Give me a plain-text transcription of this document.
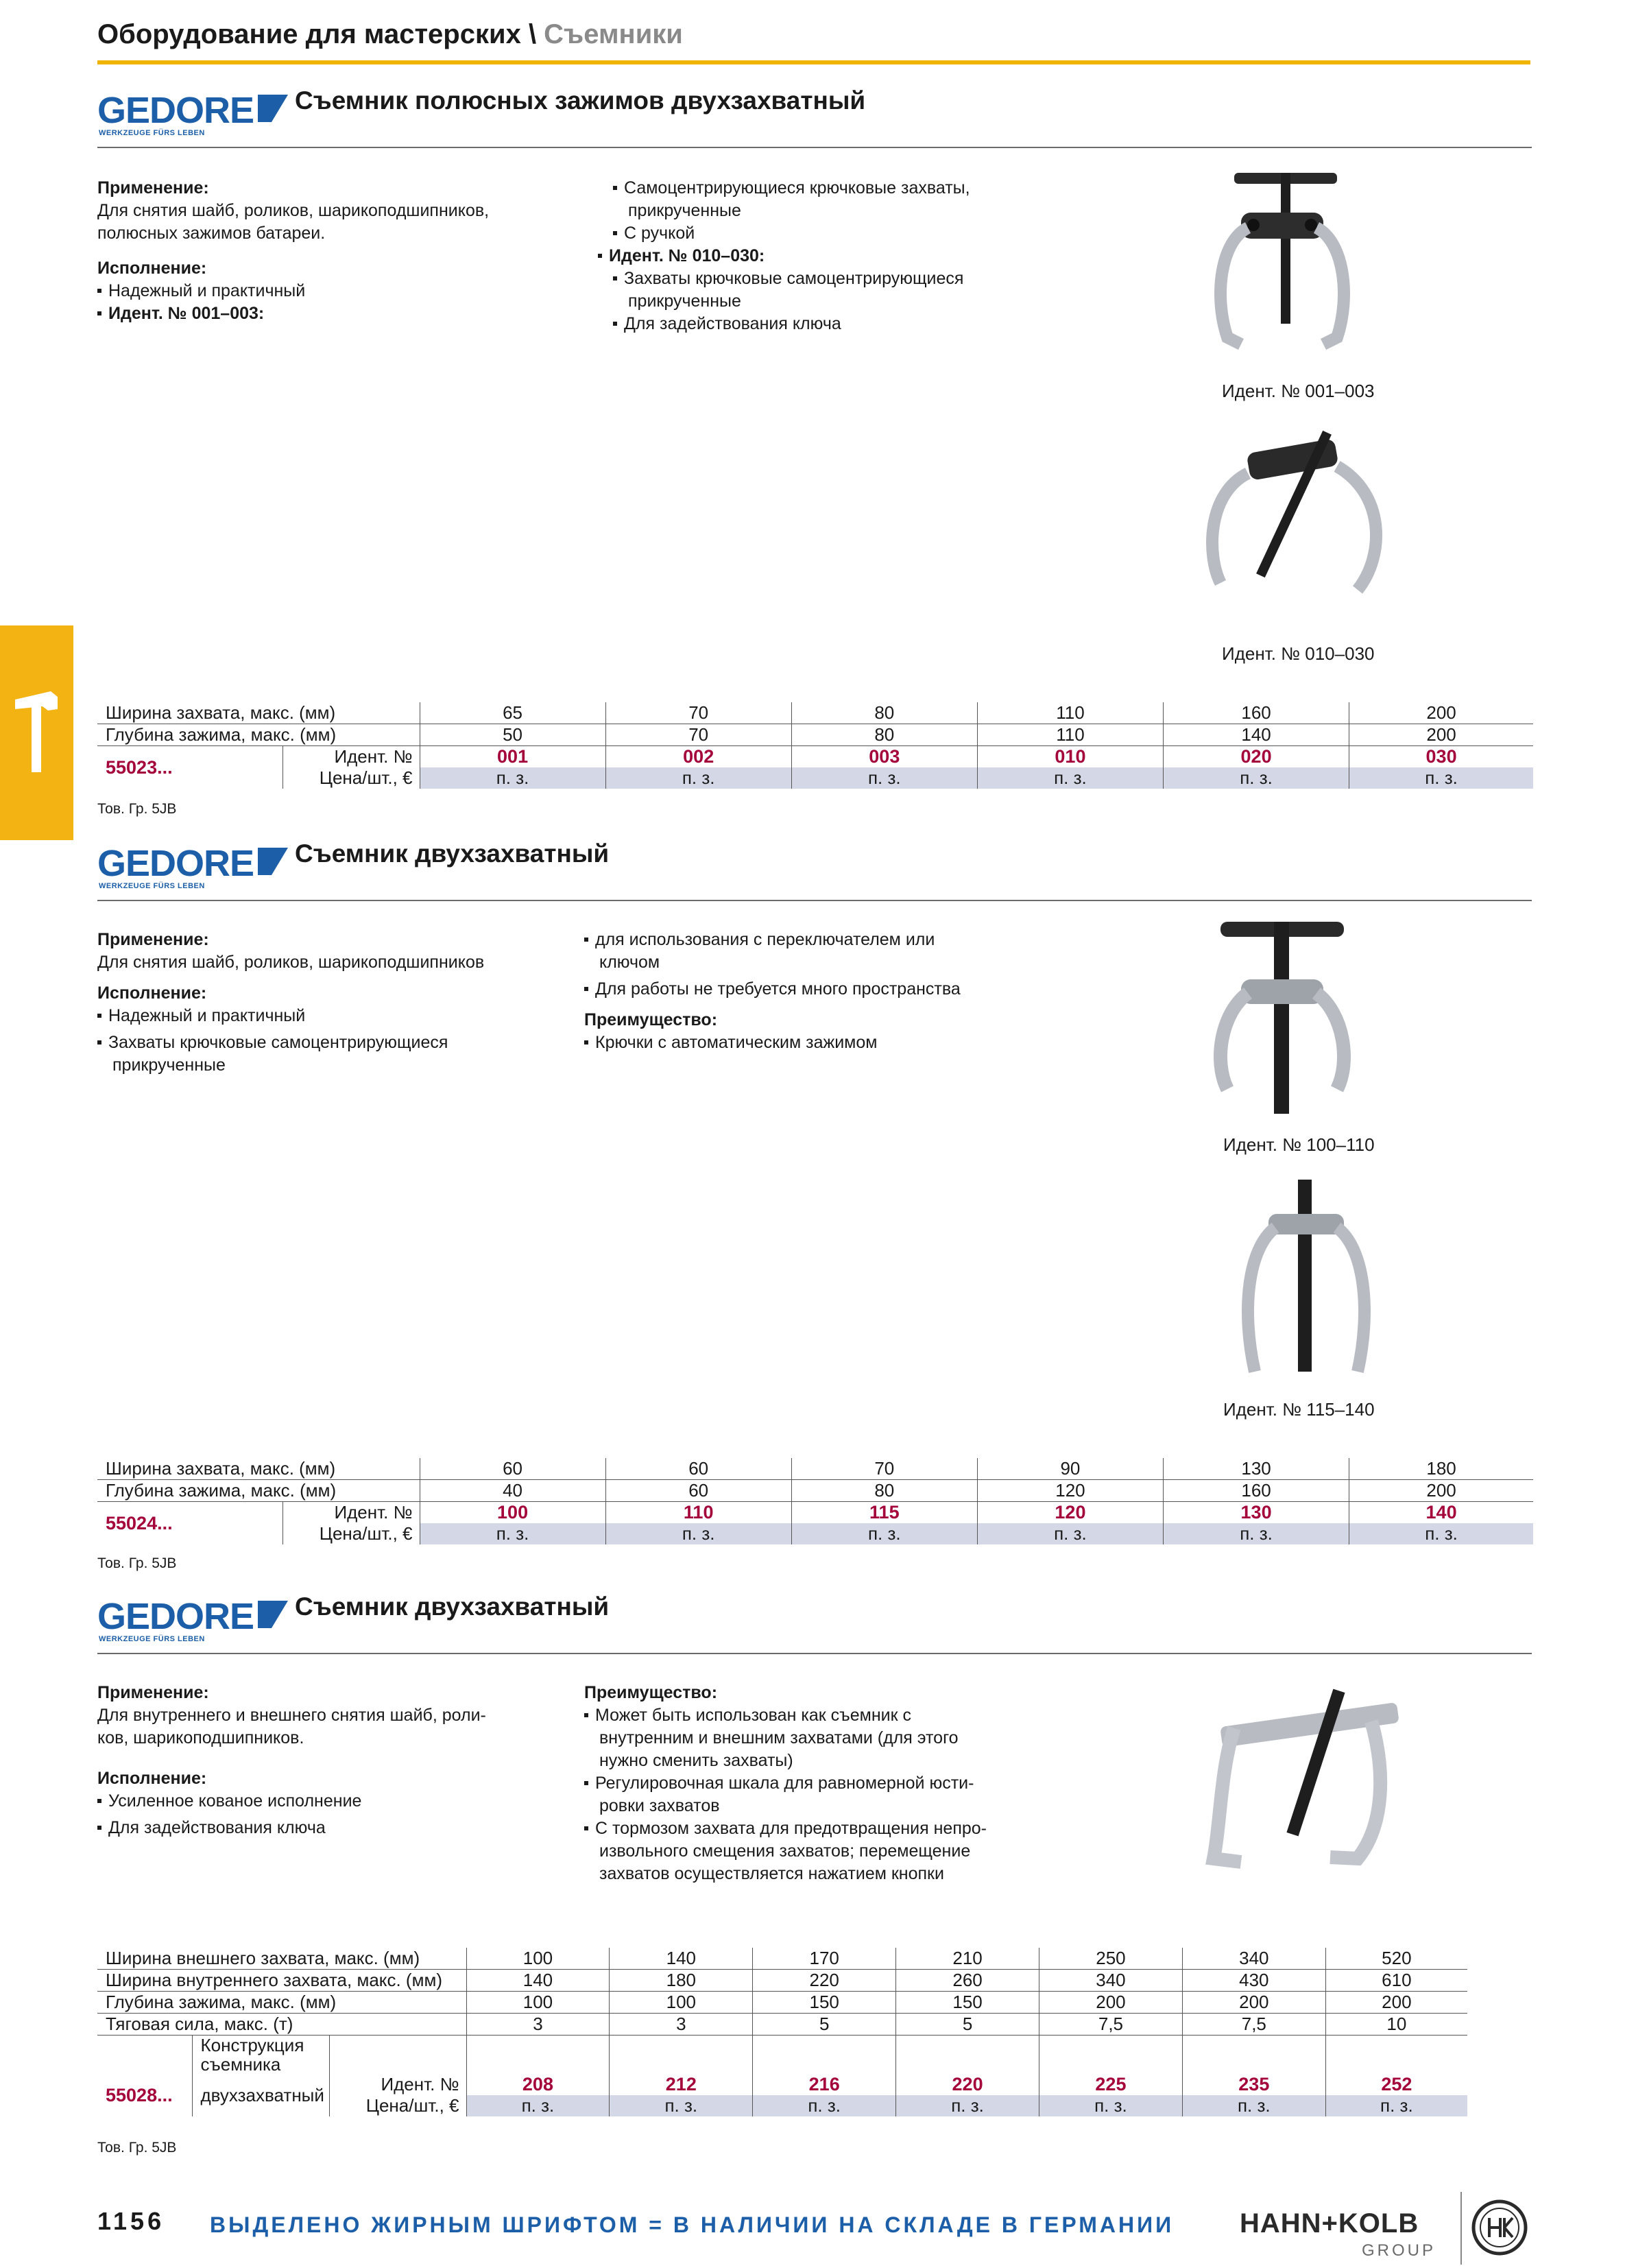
Оборудование для мастерских \ Съемники
GEDORE
WERKZEUGE FÜRS LEBEN
Съемник полюсных зажимов двухзахватный
Применение:
Для снятия шайб, роликов, шарикоподшипников,
полюсных зажимов батареи.
Исполнение:
Надежный и практичный
Идент. № 001–003:
Самоцентрирующиеся крючковые захваты,
прикрученные
С ручкой
Идент. № 010–030:
Захваты крючковые самоцентрирующиеся
прикрученные
Для задействования ключа
Идент. № 001–003
Идент. № 010–030
Ширина захвата, макс. (мм)		65	70	80	110	160	200
Глубина зажима, макс. (мм)		50	70	80	110	140	200
55023...	Идент. №	001	002	003	010	020	030
	Цена/шт., €	п. з.	п. з.	п. з.	п. з.	п. з.	п. з.
Тов. Гр. 5JB
GEDORE
WERKZEUGE FÜRS LEBEN
Съемник двухзахватный
Применение:
Для снятия шайб, роликов, шарикоподшипников
Исполнение:
Надежный и практичный
Захваты крючковые самоцентрирующиеся
прикрученные
для использования с переключателем или
ключом
Для работы не требуется много пространства
Преимущество:
Крючки с автоматическим зажимом
Идент. № 100–110
Идент. № 115–140
Ширина захвата, макс. (мм)		60	60	70	90	130	180
Глубина зажима, макс. (мм)		40	60	80	120	160	200
55024...	Идент. №	100	110	115	120	130	140
	Цена/шт., €	п. з.	п. з.	п. з.	п. з.	п. з.	п. з.
Тов. Гр. 5JB
GEDORE
WERKZEUGE FÜRS LEBEN
Съемник двухзахватный
Применение:
Для внутреннего и внешнего снятия шайб, роли-
ков, шарикоподшипников.
Исполнение:
Усиленное кованое исполнение
Для задействования ключа
Преимущество:
Может быть использован как съемник с
внутренним и внешним захватами (для этого
нужно сменить захваты)
Регулировочная шкала для равномерной юсти-
ровки захватов
С тормозом захвата для предотвращения непро-
извольного смещения захватов; перемещение
захватов осуществляется нажатием кнопки
Ширина внешнего захвата, макс. (мм)			100	140	170	210	250	340	520
Ширина внутреннего захвата, макс. (мм)			140	180	220	260	340	430	610
Глубина зажима, макс. (мм)			100	100	150	150	200	200	200
Тяговая сила, макс. (т)			3	3	5	5	7,5	7,5	10
	Конструкция съемника								
55028...	двухзахватный	Идент. №	208	212	216	220	225	235	252
		Цена/шт., €	п. з.	п. з.	п. з.	п. з.	п. з.	п. з.	п. з.
Тов. Гр. 5JB
1156 ВЫДЕЛЕНО ЖИРНЫМ ШРИФТОМ = В НАЛИЧИИ НА СКЛАДЕ В ГЕРМАНИИ HAHN+KOLB
GROUP
